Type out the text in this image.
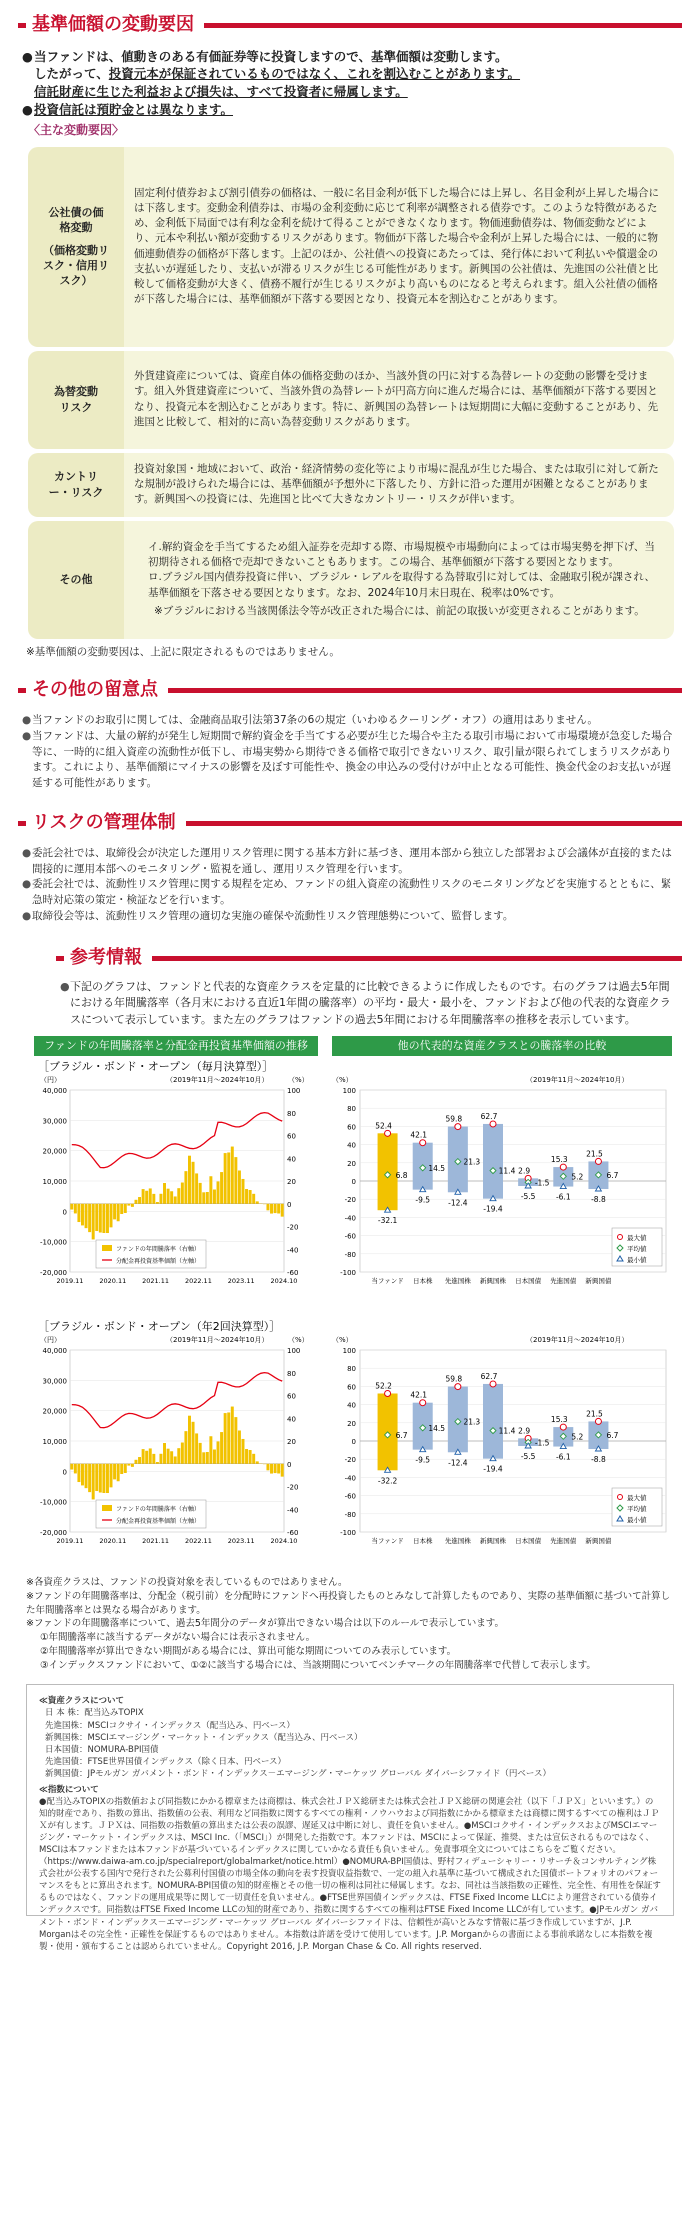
基準価額の変動要因
● 当ファンドは、値動きのある有価証券等に投資しますので、基準価額は変動します。
したがって、投資元本が保証されているものではなく、これを割込むことがあります。
信託財産に生じた利益および損失は、すべて投資者に帰属します。
● 投資信託は預貯金とは異なります。
〈主な変動要因〉
公社債の価格変動
（価格変動リスク・信用リスク）	固定利付債券および割引債券の価格は、一般に名目金利が低下した場合には上昇し、名目金利が上昇した場合には下落します。変動金利債券は、市場の金利変動に応じて利率が調整される債券です。このような特徴があるため、金利低下局面では有利な金利を続けて得ることができなくなります。物価連動債券は、物価変動などにより、元本や利払い額が変動するリスクがあります。物価が下落した場合や金利が上昇した場合には、一般的に物価連動債券の価格が下落します。上記のほか、公社債への投資にあたっては、発行体において利払いや償還金の支払いが遅延したり、支払いが滞るリスクが生じる可能性があります。新興国の公社債は、先進国の公社債と比較して価格変動が大きく、債務不履行が生じるリスクがより高いものになると考えられます。組入公社債の価格が下落した場合には、基準価額が下落する要因となり、投資元本を割込むことがあります。

為替変動リスク	外貨建資産については、資産自体の価格変動のほか、当該外貨の円に対する為替レートの変動の影響を受けます。組入外貨建資産について、当該外貨の為替レートが円高方向に進んだ場合には、基準価額が下落する要因となり、投資元本を割込むことがあります。特に、新興国の為替レートは短期間に大幅に変動することがあり、先進国と比較して、相対的に高い為替変動リスクがあります。

カントリー・リスク	投資対象国・地域において、政治・経済情勢の変化等により市場に混乱が生じた場合、または取引に対して新たな規制が設けられた場合には、基準価額が予想外に下落したり、方針に沿った運用が困難となることがあります。新興国への投資には、先進国と比べて大きなカントリー・リスクが伴います。

その他	イ.解約資金を手当てするため組入証券を売却する際、市場規模や市場動向によっては市場実勢を押下げ、当初期待される価格で売却できないこともあります。この場合、基準価額が下落する要因となります。
ロ.ブラジル国内債券投資に伴い、ブラジル・レアルを取得する為替取引に対しては、金融取引税が課され、基準価額を下落させる要因となります。なお、2024年10月末日現在、税率は0%です。
※ブラジルにおける当該関係法令等が改正された場合には、前記の取扱いが変更されることがあります。
※基準価額の変動要因は、上記に限定されるものではありません。
その他の留意点
● 当ファンドのお取引に関しては、金融商品取引法第37条の6の規定（いわゆるクーリング・オフ）の適用はありません。
● 当ファンドは、大量の解約が発生し短期間で解約資金を手当てする必要が生じた場合や主たる取引市場において市場環境が急変した場合等に、一時的に組入資産の流動性が低下し、市場実勢から期待できる価格で取引できないリスク、取引量が限られてしまうリスクがあります。これにより、基準価額にマイナスの影響を及ぼす可能性や、換金の申込みの受付けが中止となる可能性、換金代金のお支払いが遅延する可能性があります。
リスクの管理体制
● 委託会社では、取締役会が決定した運用リスク管理に関する基本方針に基づき、運用本部から独立した部署および会議体が直接的または間接的に運用本部へのモニタリング・監視を通し、運用リスク管理を行います。
● 委託会社では、流動性リスク管理に関する規程を定め、ファンドの組入資産の流動性リスクのモニタリングなどを実施するとともに、緊急時対応策の策定・検証などを行います。
● 取締役会等は、流動性リスク管理の適切な実施の確保や流動性リスク管理態勢について、監督します。
参考情報
● 下記のグラフは、ファンドと代表的な資産クラスを定量的に比較できるように作成したものです。右のグラフは過去5年間における年間騰落率（各月末における直近1年間の騰落率）の平均・最大・最小を、ファンドおよび他の代表的な資産クラスについて表示しています。また左のグラフはファンドの過去5年間における年間騰落率の推移を表示しています。
ファンドの年間騰落率と分配金再投資基準価額の推移	他の代表的な資産クラスとの騰落率の比較
［ブラジル・ボンド・オープン（毎月決算型）］
（2019年11月～2024年10月）
（円）	（%）
40,000
30,000
20,000
10,000
0
-10,000
-20,000
100
80
60
40
20
0
-20
-40
-60
2019.11 2020.11 2021.11 2022.11 2023.11 2024.10
ファンドの年間騰落率（右軸）
分配金再投資基準価額（左軸）
（%）	（2019年11月～2024年10月）
100
80
60
40
20
0
-20
-40
-60
-80
-100
52.4
6.8
-32.1
当ファンド
42.1
14.5
-9.5
日本株
59.8
21.3
-12.4
先進国株
62.7
11.4
-19.4
新興国株
2.9
-1.5
-5.5
日本国債
15.3
5.2
-6.1
先進国債
21.5
6.7
-8.8
新興国債
最大値
平均値
最小値
［ブラジル・ボンド・オープン（年2回決算型）］
（2019年11月～2024年10月）
（円）	（%）
40,000
30,000
20,000
10,000
0
-10,000
-20,000
100
80
60
40
20
0
-20
-40
-60
2019.11 2020.11 2021.11 2022.11 2023.11 2024.10
ファンドの年間騰落率（右軸）
分配金再投資基準価額（左軸）
（%）	（2019年11月～2024年10月）
100
80
60
40
20
0
-20
-40
-60
-80
-100
52.2
6.7
-32.2
当ファンド
42.1
14.5
-9.5
日本株
59.8
21.3
-12.4
先進国株
62.7
11.4
-19.4
新興国株
2.9
-1.5
-5.5
日本国債
15.3
5.2
-6.1
先進国債
21.5
6.7
-8.8
新興国債
最大値
平均値
最小値
※各資産クラスは、ファンドの投資対象を表しているものではありません。
※ファンドの年間騰落率は、分配金（税引前）を分配時にファンドへ再投資したものとみなして計算したものであり、実際の基準価額に基づいて計算した年間騰落率とは異なる場合があります。
※ファンドの年間騰落率について、過去5年間分のデータが算出できない場合は以下のルールで表示しています。
①年間騰落率に該当するデータがない場合には表示されません。
②年間騰落率が算出できない期間がある場合には、算出可能な期間についてのみ表示しています。
③インデックスファンドにおいて、①②に該当する場合には、当該期間についてベンチマークの年間騰落率で代替して表示します。
≪資産クラスについて
日 本 株：配当込みTOPIX
先進国株：MSCIコクサイ・インデックス（配当込み、円ベース）
新興国株：MSCIエマージング・マーケット・インデックス（配当込み、円ベース）
日本国債：NOMURA-BPI国債
先進国債：FTSE世界国債インデックス（除く日本、円ベース）
新興国債：JPモルガン ガバメント・ボンド・インデックス－エマージング・マーケッツ グローバル ダイバーシファイド（円ベース）
≪指数について
●配当込みTOPIXの指数値および同指数にかかる標章または商標は、株式会社ＪＰＸ総研または株式会社ＪＰＸ総研の関連会社（以下「ＪＰＸ」といいます。）の知的財産であり、指数の算出、指数値の公表、利用など同指数に関するすべての権利・ノウハウおよび同指数にかかる標章または商標に関するすべての権利はＪＰＸが有します。ＪＰＸは、同指数の指数値の算出または公表の誤謬、遅延又は中断に対し、責任を負いません。●MSCIコクサイ・インデックスおよびMSCIエマージング・マーケット・インデックスは、MSCI Inc.（「MSCI」）が開発した指数です。本ファンドは、MSCIによって保証、推奨、または宣伝されるものではなく、MSCIは本ファンドまたは本ファンドが基づいているインデックスに関していかなる責任も負いません。免責事項全文についてはこちらをご覧ください。（https://www.daiwa-am.co.jp/specialreport/globalmarket/notice.html）●NOMURA-BPI国債は、野村フィデューシャリー・リサーチ＆コンサルティング株式会社が公表する国内で発行された公募利付国債の市場全体の動向を表す投資収益指数で、一定の組入れ基準に基づいて構成された国債ポートフォリオのパフォーマンスをもとに算出されます。NOMURA-BPI国債の知的財産権とその他一切の権利は同社に帰属します。なお、同社は当該指数の正確性、完全性、有用性を保証するものではなく、ファンドの運用成果等に関して一切責任を負いません。●FTSE世界国債インデックスは、FTSE Fixed Income LLCにより運営されている債券インデックスです。同指数はFTSE Fixed Income LLCの知的財産であり、指数に関するすべての権利はFTSE Fixed Income LLCが有しています。●JPモルガン ガバメント・ボンド・インデックス－エマージング・マーケッツ グローバル ダイバーシファイドは、信頼性が高いとみなす情報に基づき作成していますが、J.P. Morganはその完全性・正確性を保証するものではありません。本指数は許諾を受けて使用しています。J.P. Morganからの書面による事前承諾なしに本指数を複製・使用・頒布することは認められていません。Copyright 2016, J.P. Morgan Chase & Co. All rights reserved.
